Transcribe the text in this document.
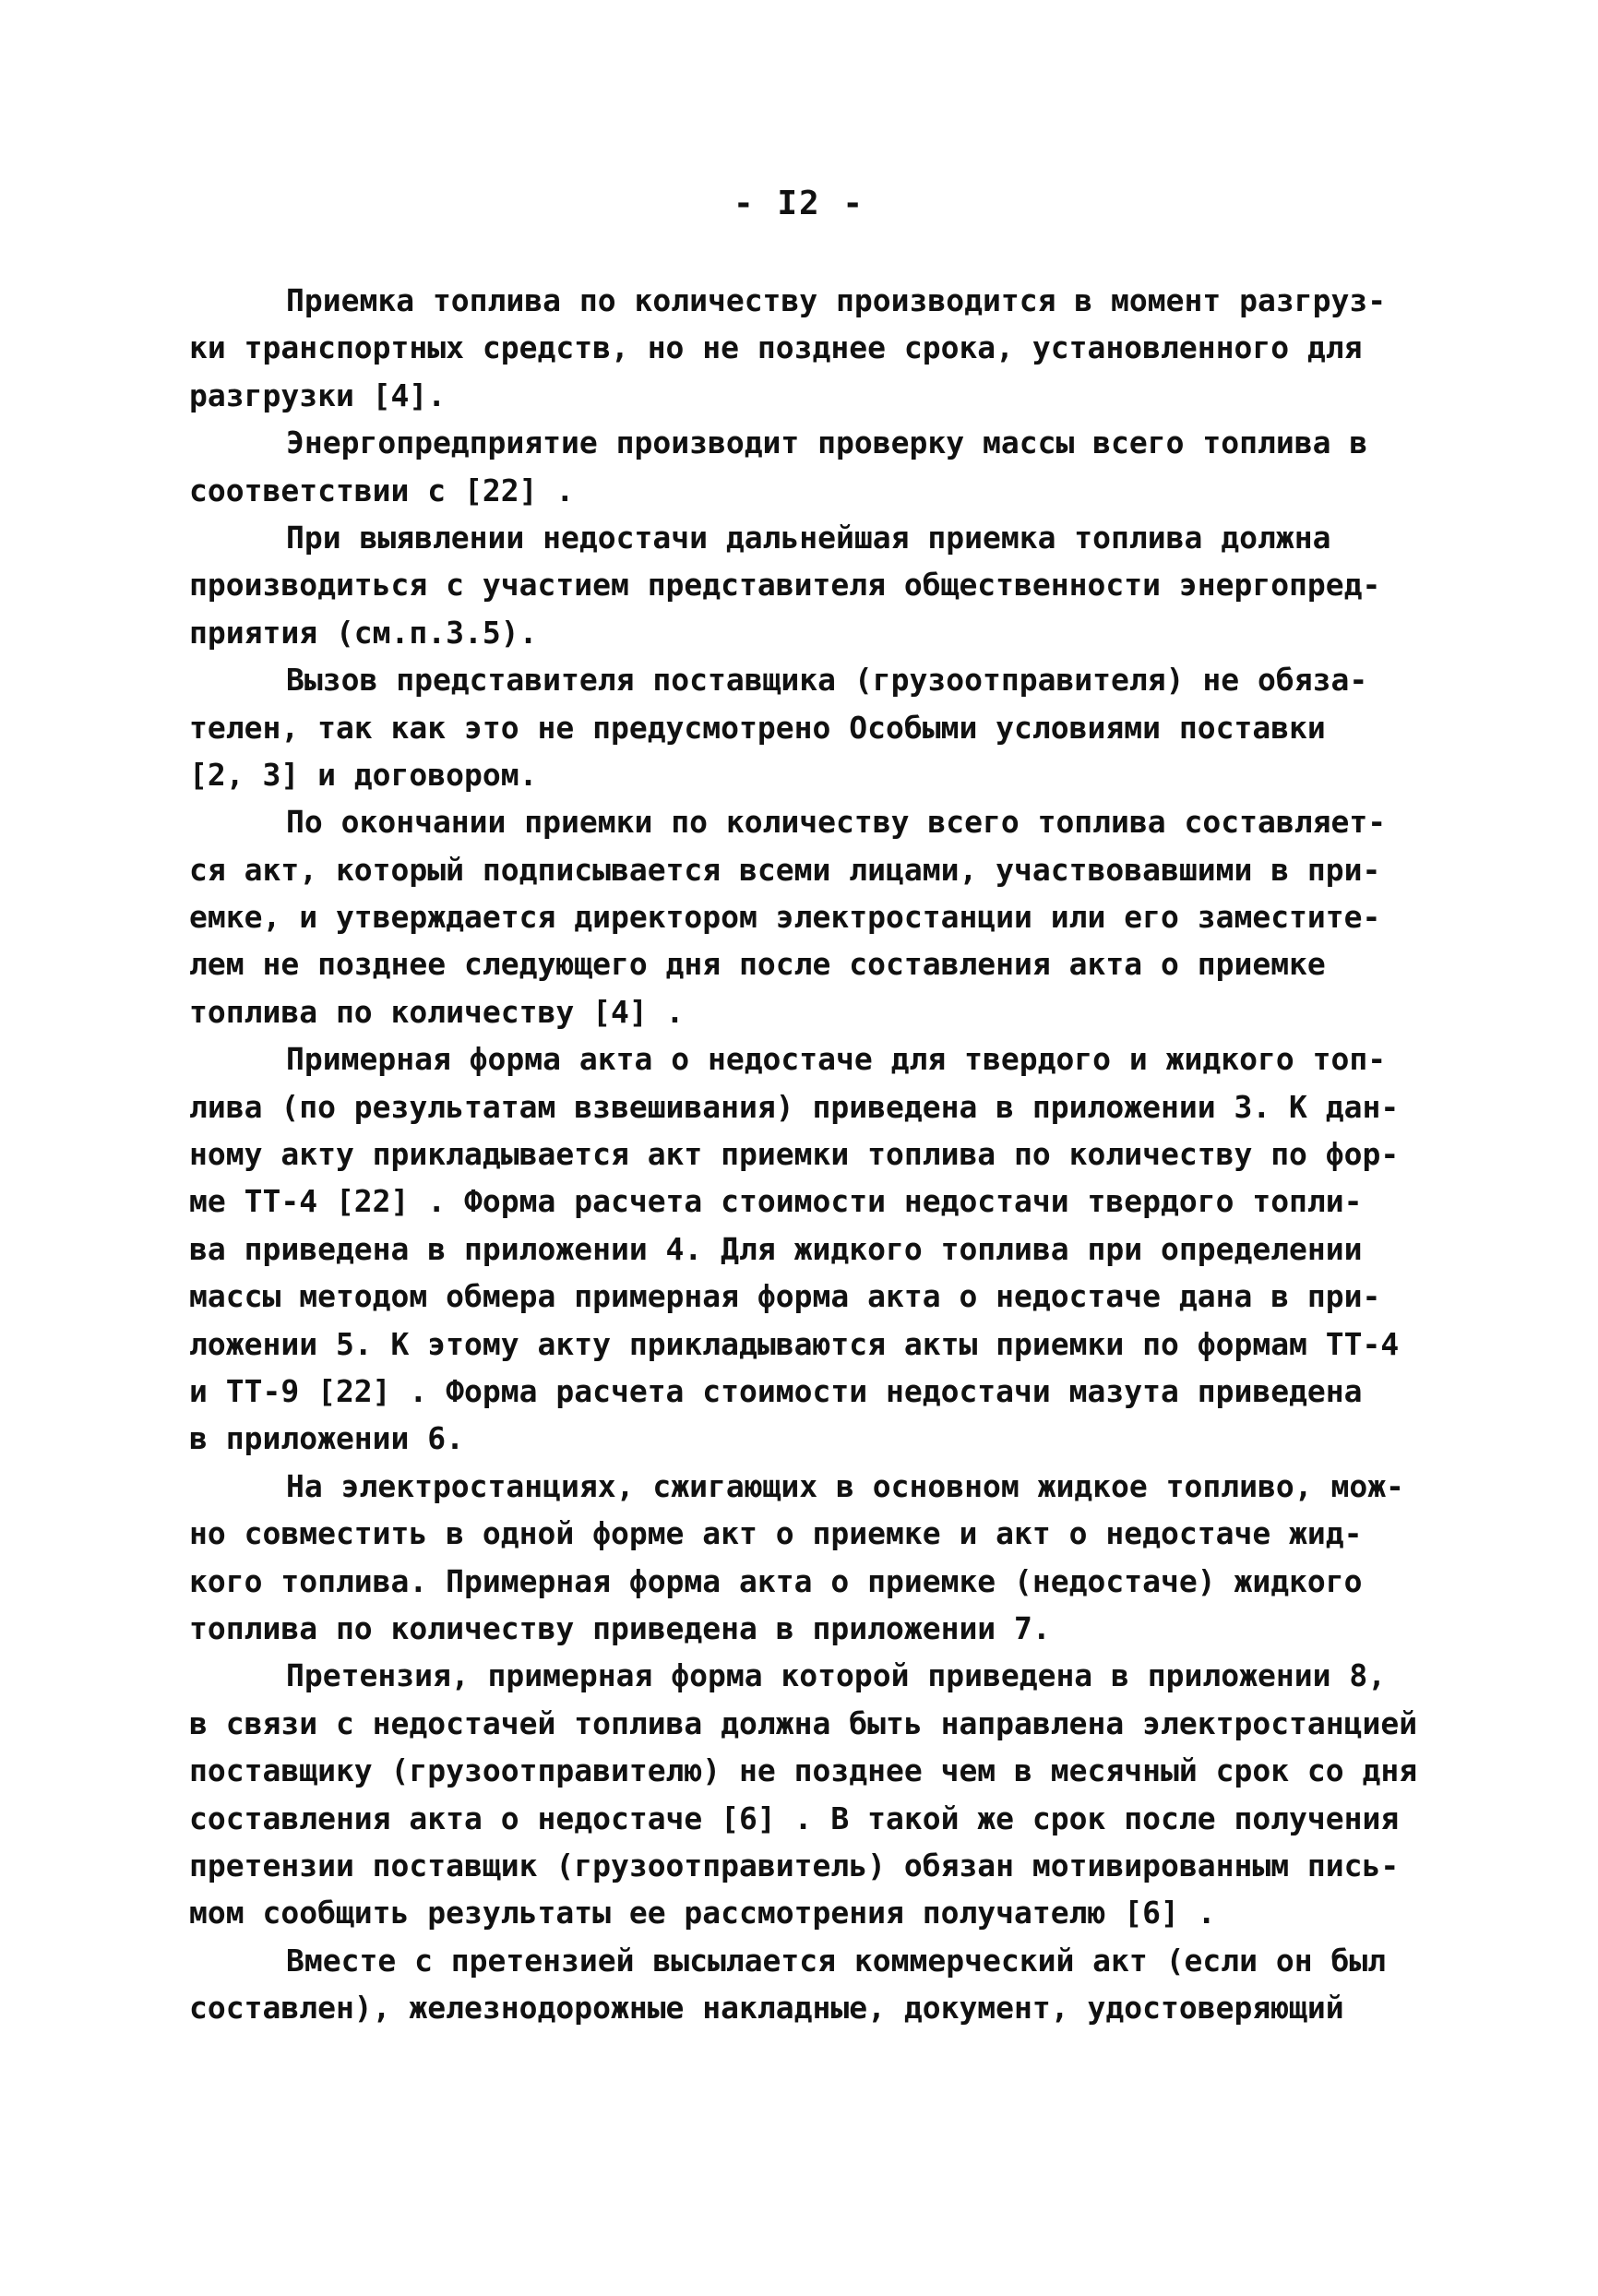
- I2 -
Приемка топлива по количеству производится в момент разгруз-
ки транспортных средств, но не позднее срока, установленного для
разгрузки [4].
Энергопредприятие производит проверку массы всего топлива в
соответствии с [22] .
При выявлении недостачи дальнейшая приемка топлива должна
производиться с участием представителя общественности энергопред-
приятия (см.п.3.5).
Вызов представителя поставщика (грузоотправителя) не обяза-
телен, так как это не предусмотрено Особыми условиями поставки
[2, 3] и договором.
По окончании приемки по количеству всего топлива составляет-
ся акт, который подписывается всеми лицами, участвовавшими в при-
емке, и утверждается директором электростанции или его заместите-
лем не позднее следующего дня после составления акта о приемке
топлива по количеству [4] .
Примерная форма акта о недостаче для твердого и жидкого топ-
лива (по результатам взвешивания) приведена в приложении 3. К дан-
ному акту прикладывается акт приемки топлива по количеству по фор-
ме ТТ-4 [22] . Форма расчета стоимости недостачи твердого топли-
ва приведена в приложении 4. Для жидкого топлива при определении
массы методом обмера примерная форма акта о недостаче дана в при-
ложении 5. К этому акту прикладываются акты приемки по формам ТТ-4
и ТТ-9 [22] . Форма расчета стоимости недостачи мазута приведена
в приложении 6.
На электростанциях, сжигающих в основном жидкое топливо, мож-
но совместить в одной форме акт о приемке и акт о недостаче жид-
кого топлива. Примерная форма акта о приемке (недостаче) жидкого
топлива по количеству приведена в приложении 7.
Претензия, примерная форма которой приведена в приложении 8,
в связи с недостачей топлива должна быть направлена электростанцией
поставщику (грузоотправителю) не позднее чем в месячный срок со дня
составления акта о недостаче [6] . В такой же срок после получения
претензии поставщик (грузоотправитель) обязан мотивированным пись-
мом сообщить результаты ее рассмотрения получателю [6] .
Вместе с претензией высылается коммерческий акт (если он был
составлен), железнодорожные накладные, документ, удостоверяющий
